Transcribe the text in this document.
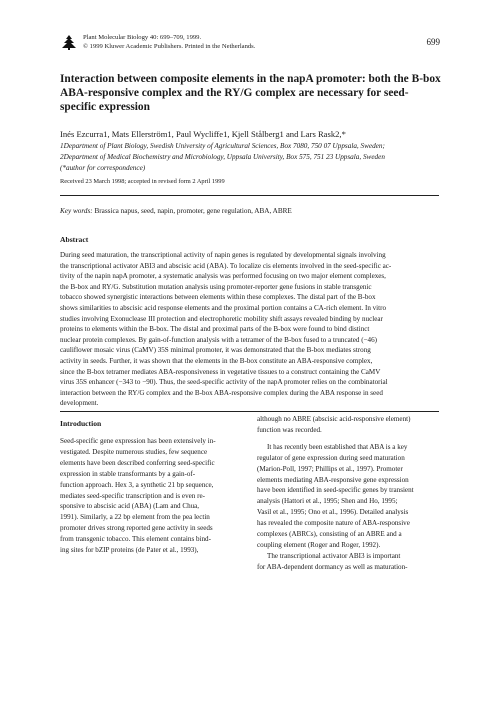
Plant Molecular Biology 40: 699–709, 1999.
© 1999 Kluwer Academic Publishers. Printed in the Netherlands.	699
Interaction between composite elements in the napA promoter: both the B-box ABA-responsive complex and the RY/G complex are necessary for seed-specific expression
Inés Ezcurra1, Mats Ellerström1, Paul Wycliffe1, Kjell Stålberg1 and Lars Rask2,*
1Department of Plant Biology, Swedish University of Agricultural Sciences, Box 7080, 750 07 Uppsala, Sweden;
2Department of Medical Biochemistry and Microbiology, Uppsala University, Box 575, 751 23 Uppsala, Sweden
(*author for correspondence)
Received 23 March 1998; accepted in revised form 2 April 1999
Key words: Brassica napus, seed, napin, promoter, gene regulation, ABA, ABRE
Abstract
During seed maturation, the transcriptional activity of napin genes is regulated by developmental signals involving
the transcriptional activator ABI3 and abscisic acid (ABA). To localize cis elements involved in the seed-specific ac-
tivity of the napin napA promoter, a systematic analysis was performed focusing on two major element complexes,
the B-box and RY/G. Substitution mutation analysis using promoter-reporter gene fusions in stable transgenic
tobacco showed synergistic interactions between elements within these complexes. The distal part of the B-box
shows similarities to abscisic acid response elements and the proximal portion contains a CA-rich element. In vitro
studies involving Exonuclease III protection and electrophoretic mobility shift assays revealed binding by nuclear
proteins to elements within the B-box. The distal and proximal parts of the B-box were found to bind distinct
nuclear protein complexes. By gain-of-function analysis with a tetramer of the B-box fused to a truncated (−46)
cauliflower mosaic virus (CaMV) 35S minimal promoter, it was demonstrated that the B-box mediates strong
activity in seeds. Further, it was shown that the elements in the B-box constitute an ABA-responsive complex,
since the B-box tetramer mediates ABA-responsiveness in vegetative tissues to a construct containing the CaMV
virus 35S enhancer (−343 to −90). Thus, the seed-specific activity of the napA promoter relies on the combinatorial
interaction between the RY/G complex and the B-box ABA-responsive complex during the ABA response in seed
development.
Introduction
Seed-specific gene expression has been extensively in-
vestigated. Despite numerous studies, few sequence
elements have been described conferring seed-specific
expression in stable transformants by a gain-of-
function approach. Hex 3, a synthetic 21 bp sequence,
mediates seed-specific transcription and is even re-
sponsive to abscisic acid (ABA) (Lam and Chua,
1991). Similarly, a 22 bp element from the pea lectin
promoter drives strong reported gene activity in seeds
from transgenic tobacco. This element contains bind-
ing sites for bZIP proteins (de Pater et al., 1993),
although no ABRE (abscisic acid-responsive element)
function was recorded.
It has recently been established that ABA is a key
regulator of gene expression during seed maturation
(Marion-Poll, 1997; Phillips et al., 1997). Promoter
elements mediating ABA-responsive gene expression
have been identified in seed-specific genes by transient
analysis (Hattori et al., 1995; Shen and Ho, 1995;
Vasil et al., 1995; Ono et al., 1996). Detailed analysis
has revealed the composite nature of ABA-responsive
complexes (ABRCs), consisting of an ABRE and a
coupling element (Roger and Roger, 1992).
The transcriptional activator ABI3 is important
for ABA-dependent dormancy as well as maturation-
